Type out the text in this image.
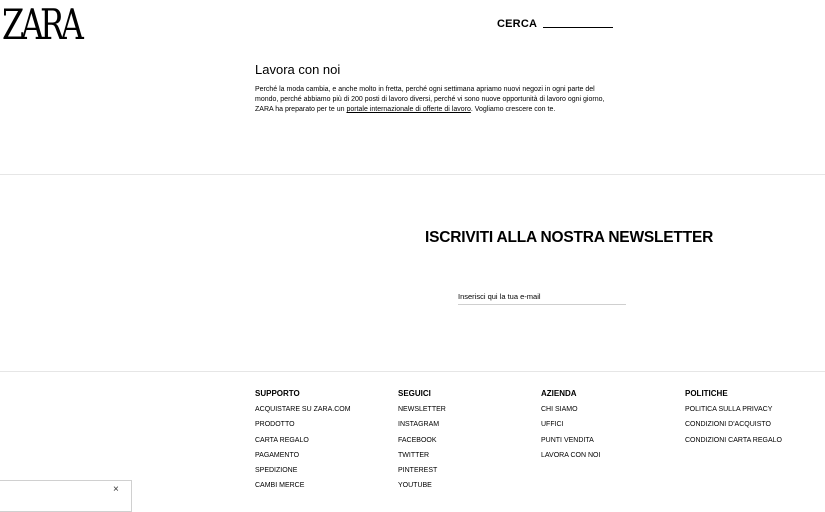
ZARA	CERCA
Lavora con noi

Perché la moda cambia, e anche molto in fretta, perché ogni settimana apriamo nuovi negozi in ogni parte del mondo, perché abbiamo più di 200 posti di lavoro diversi, perché vi sono nuove opportunità di lavoro ogni giorno, ZARA ha preparato per te un portale internazionale di offerte di lavoro. Vogliamo crescere con te.

ISCRIVITI ALLA NOSTRA NEWSLETTER
Inserisci qui la tua e-mail
SUPPORTO
ACQUISTARE SU ZARA.COM
PRODOTTO
CARTA REGALO
PAGAMENTO
SPEDIZIONE
CAMBI MERCE
SEGUICI
NEWSLETTER
INSTAGRAM
FACEBOOK
TWITTER
PINTEREST
YOUTUBE
AZIENDA
CHI SIAMO
UFFICI
PUNTI VENDITA
LAVORA CON NOI
POLITICHE
POLITICA SULLA PRIVACY
CONDIZIONI D'ACQUISTO
CONDIZIONI CARTA REGALO
×
